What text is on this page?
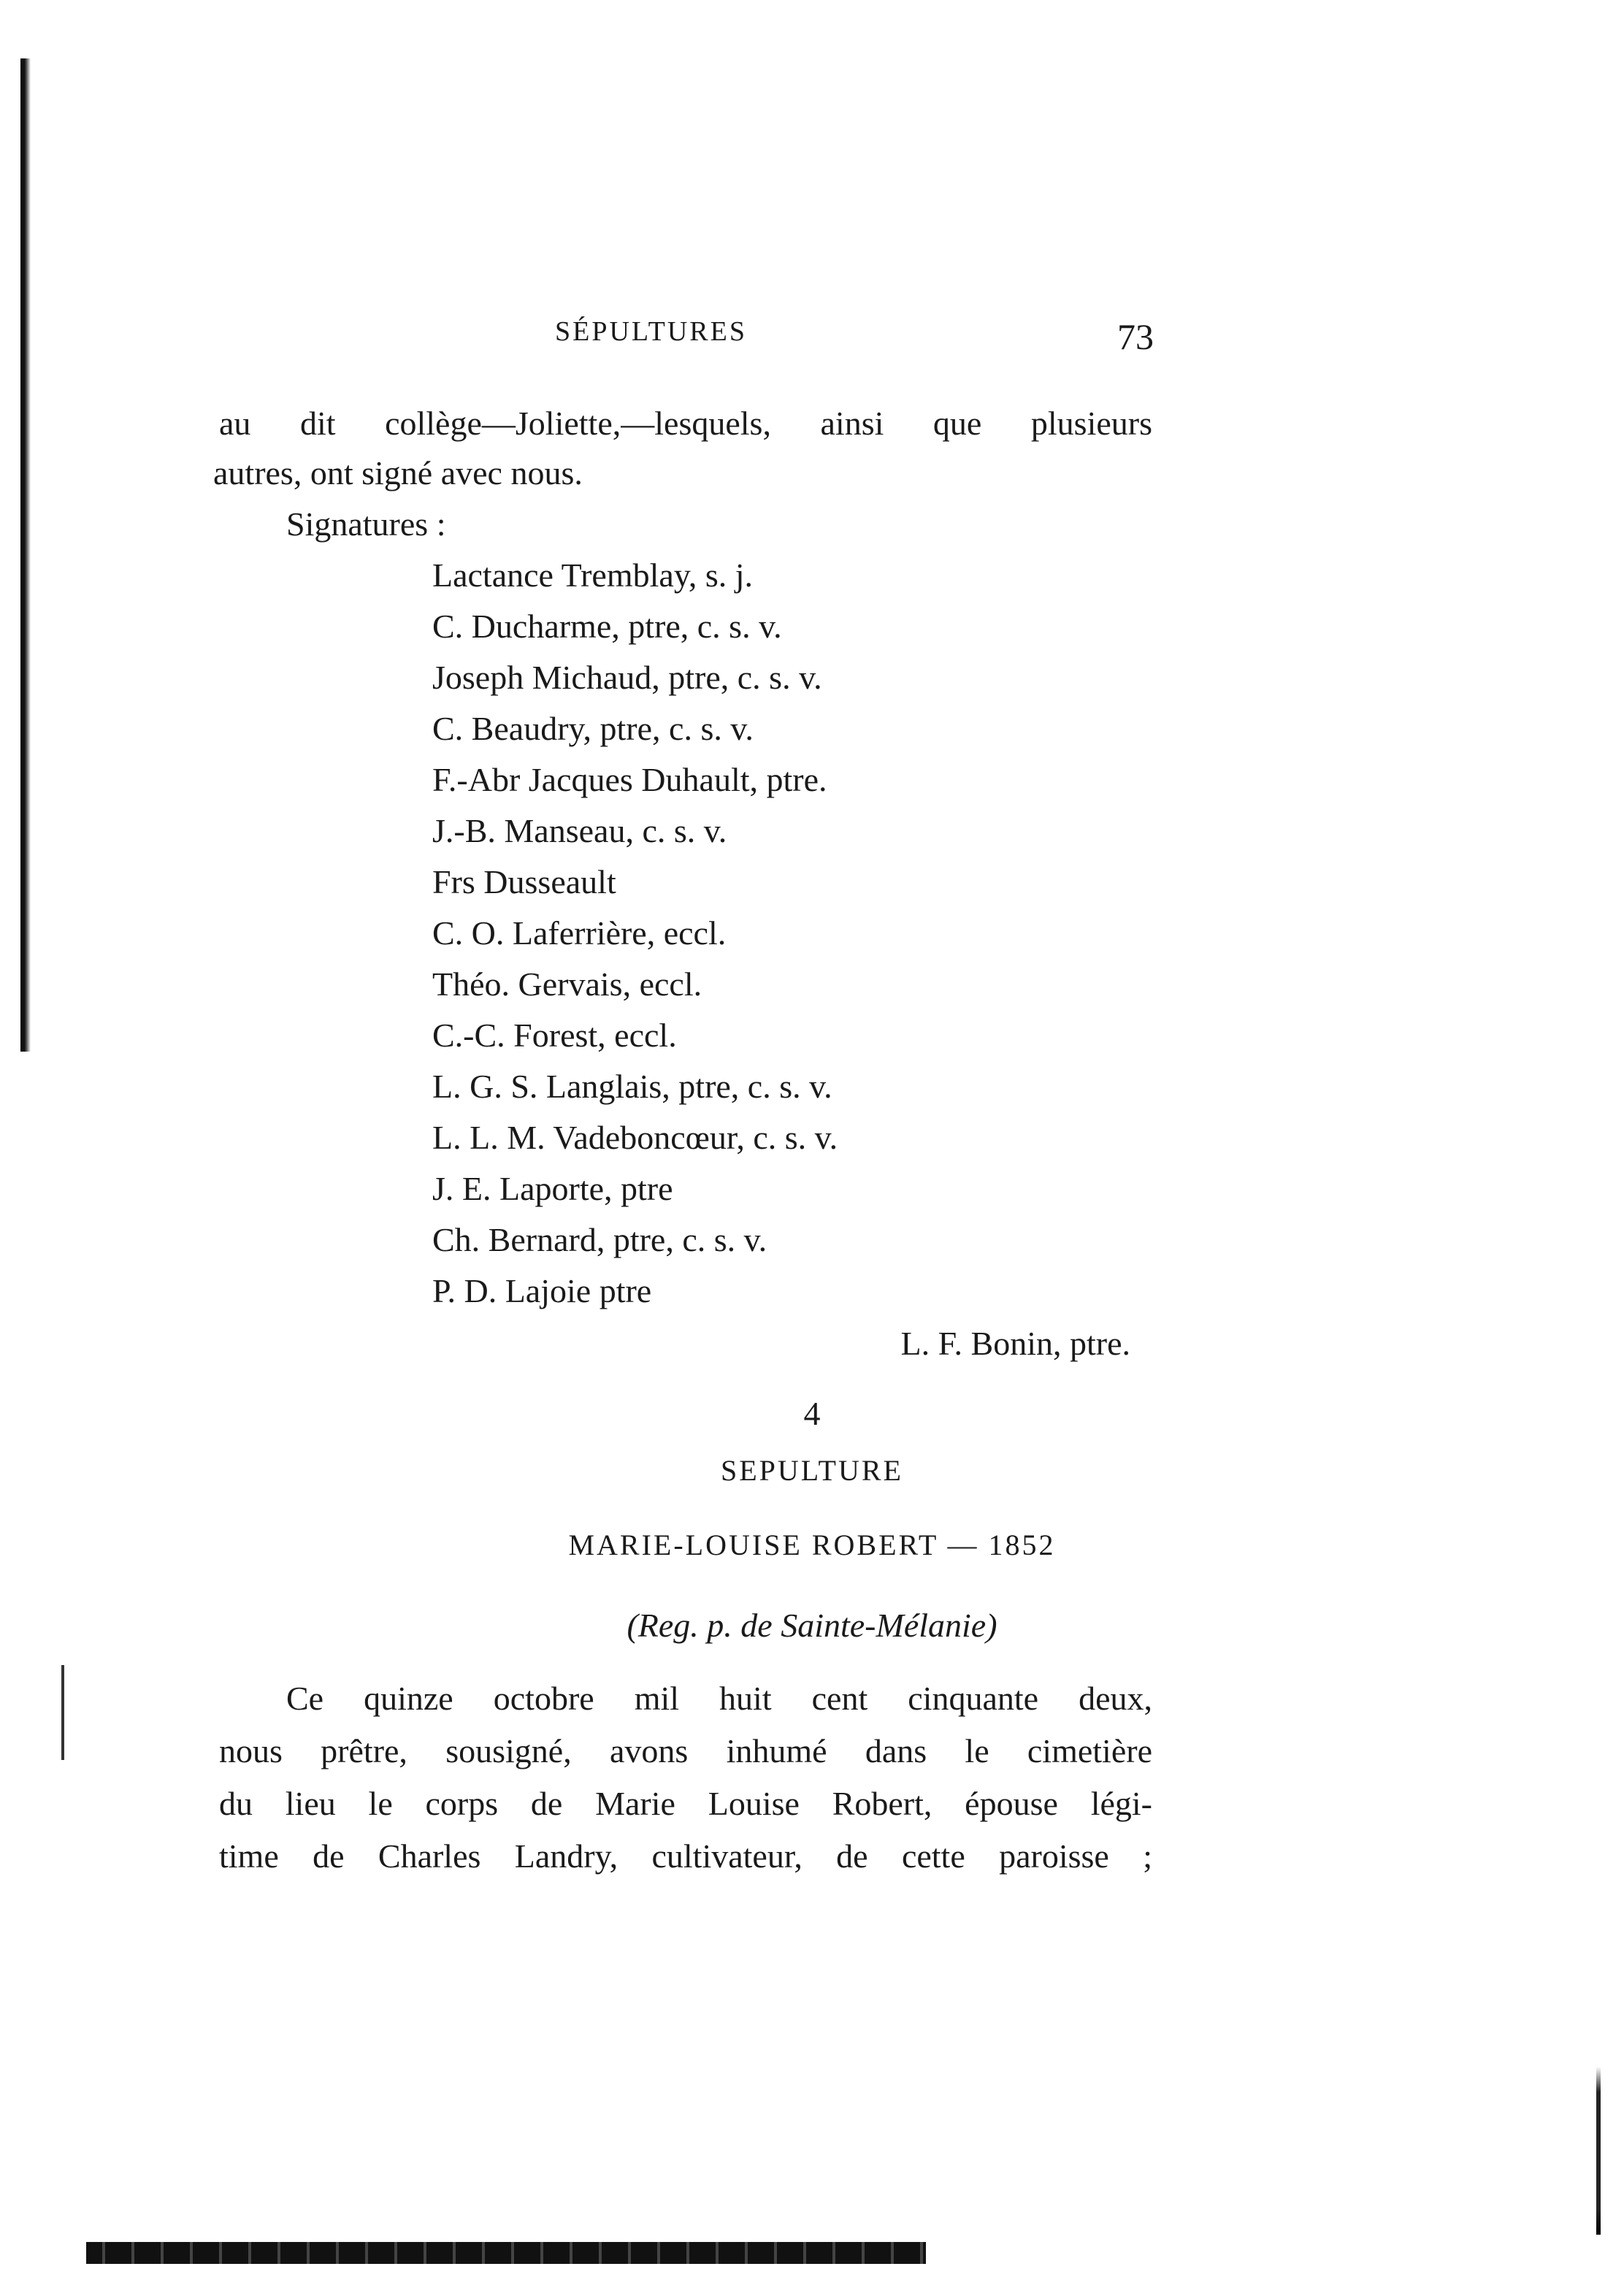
SÉPULTURES	73
au dit collège—Joliette,—lesquels, ainsi que plusieurs
autres, ont signé avec nous.
Signatures :
Lactance Tremblay, s. j.
C. Ducharme, ptre, c. s. v.
Joseph Michaud, ptre, c. s. v.
C. Beaudry, ptre, c. s. v.
F.-Abr Jacques Duhault, ptre.
J.-B. Manseau, c. s. v.
Frs Dusseault
C. O. Laferrière, eccl.
Théo. Gervais, eccl.
C.-C. Forest, eccl.
L. G. S. Langlais, ptre, c. s. v.
L. L. M. Vadeboncœur, c. s. v.
J. E. Laporte, ptre
Ch. Bernard, ptre, c. s. v.
P. D. Lajoie ptre
L. F. Bonin, ptre.
4
SEPULTURE
MARIE-LOUISE ROBERT — 1852
(Reg. p. de Sainte-Mélanie)
Ce quinze octobre mil huit cent cinquante deux,
nous prêtre, sousigné, avons inhumé dans le cimetière
du lieu le corps de Marie Louise Robert, épouse légi-
time de Charles Landry, cultivateur, de cette paroisse ;
